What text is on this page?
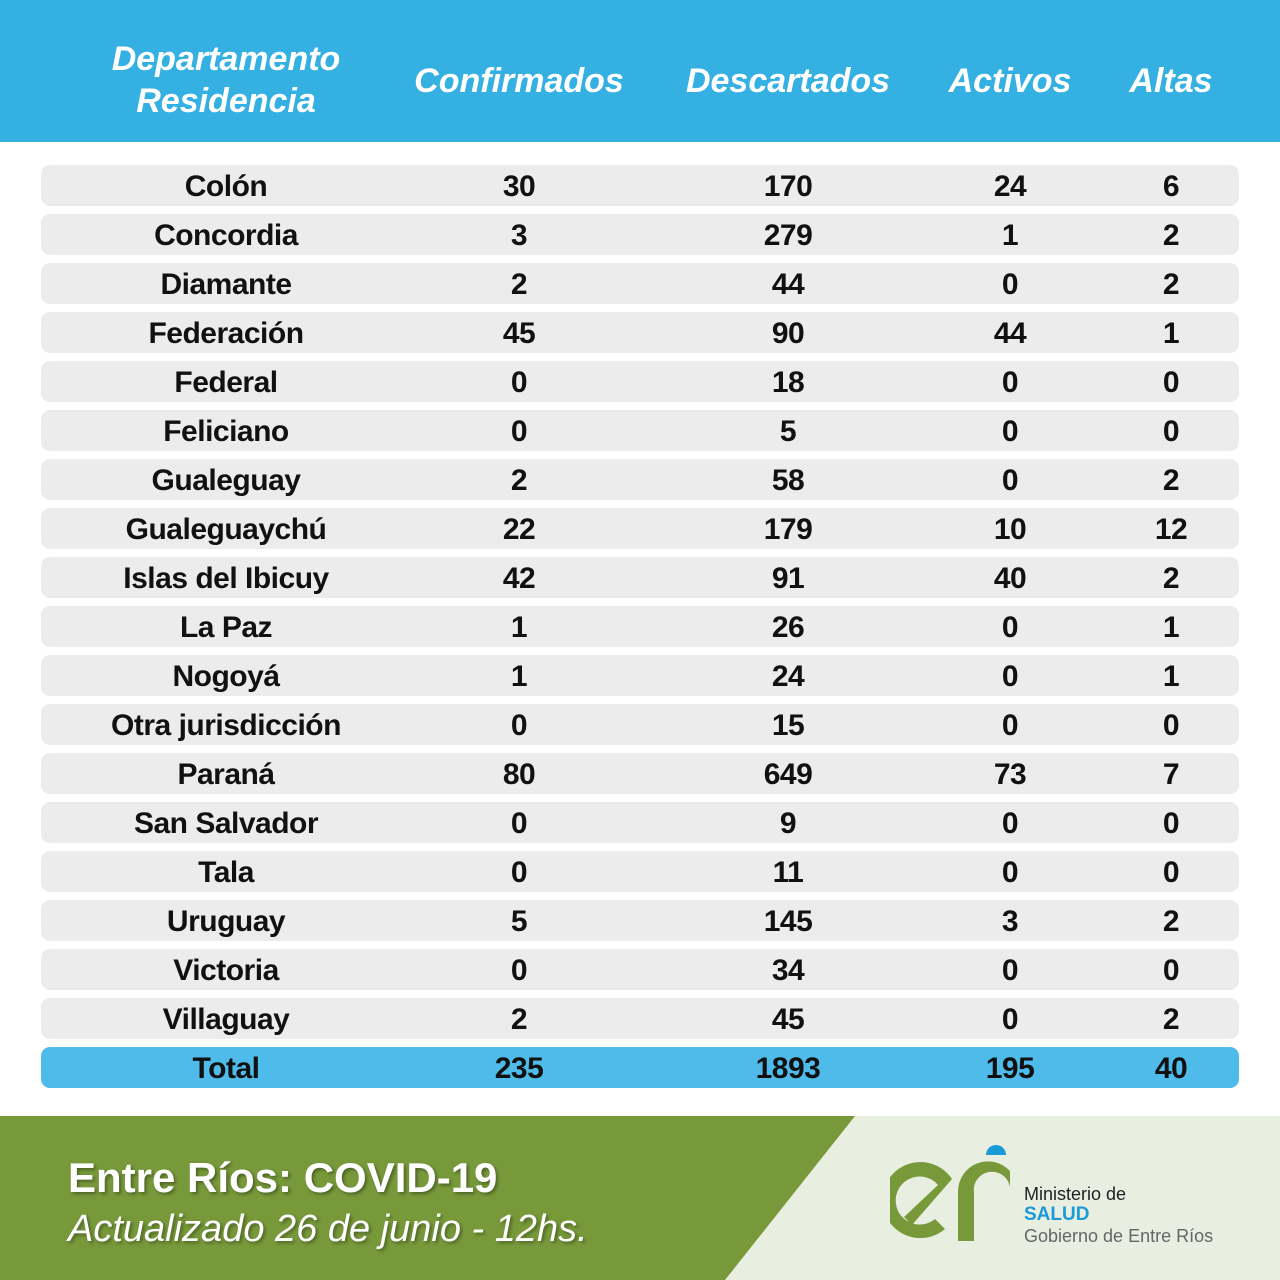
Departamento
Residencia
Confirmados Descartados Activos Altas
Colón	30	170	24	6
Concordia	3	279	1	2
Diamante	2	44	0	2
Federación	45	90	44	1
Federal	0	18	0	0
Feliciano	0	5	0	0
Gualeguay	2	58	0	2
Gualeguaychú	22	179	10	12
Islas del Ibicuy	42	91	40	2
La Paz	1	26	0	1
Nogoyá	1	24	0	1
Otra jurisdicción	0	15	0	0
Paraná	80	649	73	7
San Salvador	0	9	0	0
Tala	0	11	0	0
Uruguay	5	145	3	2
Victoria	0	34	0	0
Villaguay	2	45	0	2
Total	235	1893	195	40
Entre Ríos: COVID-19
Actualizado 26 de junio - 12hs.
Ministerio de
SALUD
Gobierno de Entre Ríos
